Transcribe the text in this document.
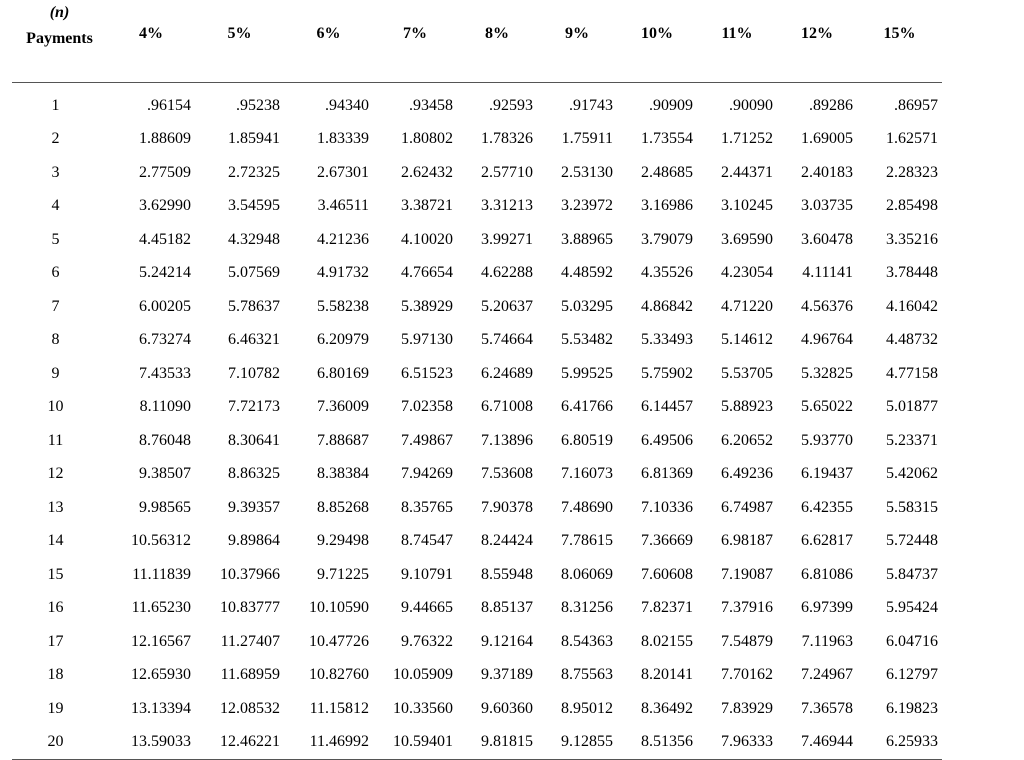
(n)
Payments	4%	5%	6%	7%	8%	9%	10%	11%	12%	15%
1	.96154	.95238	.94340	.93458	.92593	.91743	.90909	.90090	.89286	.86957
2	1.88609	1.85941	1.83339	1.80802	1.78326	1.75911	1.73554	1.71252	1.69005	1.62571
3	2.77509	2.72325	2.67301	2.62432	2.57710	2.53130	2.48685	2.44371	2.40183	2.28323
4	3.62990	3.54595	3.46511	3.38721	3.31213	3.23972	3.16986	3.10245	3.03735	2.85498
5	4.45182	4.32948	4.21236	4.10020	3.99271	3.88965	3.79079	3.69590	3.60478	3.35216
6	5.24214	5.07569	4.91732	4.76654	4.62288	4.48592	4.35526	4.23054	4.11141	3.78448
7	6.00205	5.78637	5.58238	5.38929	5.20637	5.03295	4.86842	4.71220	4.56376	4.16042
8	6.73274	6.46321	6.20979	5.97130	5.74664	5.53482	5.33493	5.14612	4.96764	4.48732
9	7.43533	7.10782	6.80169	6.51523	6.24689	5.99525	5.75902	5.53705	5.32825	4.77158
10	8.11090	7.72173	7.36009	7.02358	6.71008	6.41766	6.14457	5.88923	5.65022	5.01877
11	8.76048	8.30641	7.88687	7.49867	7.13896	6.80519	6.49506	6.20652	5.93770	5.23371
12	9.38507	8.86325	8.38384	7.94269	7.53608	7.16073	6.81369	6.49236	6.19437	5.42062
13	9.98565	9.39357	8.85268	8.35765	7.90378	7.48690	7.10336	6.74987	6.42355	5.58315
14	10.56312	9.89864	9.29498	8.74547	8.24424	7.78615	7.36669	6.98187	6.62817	5.72448
15	11.11839	10.37966	9.71225	9.10791	8.55948	8.06069	7.60608	7.19087	6.81086	5.84737
16	11.65230	10.83777	10.10590	9.44665	8.85137	8.31256	7.82371	7.37916	6.97399	5.95424
17	12.16567	11.27407	10.47726	9.76322	9.12164	8.54363	8.02155	7.54879	7.11963	6.04716
18	12.65930	11.68959	10.82760	10.05909	9.37189	8.75563	8.20141	7.70162	7.24967	6.12797
19	13.13394	12.08532	11.15812	10.33560	9.60360	8.95012	8.36492	7.83929	7.36578	6.19823
20	13.59033	12.46221	11.46992	10.59401	9.81815	9.12855	8.51356	7.96333	7.46944	6.25933
